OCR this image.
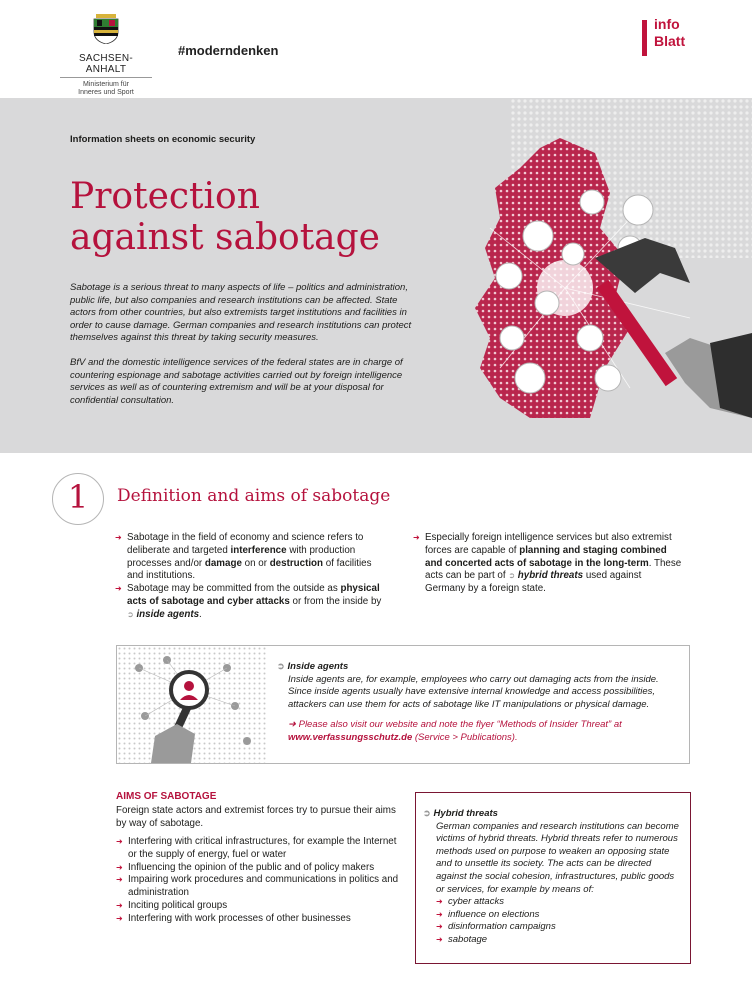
SACHSEN-ANHALT
Ministerium für
Inneres und Sport
#moderndenken
info
Blatt
Information sheets on economic security
Protection
against sabotage

Sabotage is a serious threat to many aspects of life – politics and administration, public life, but also companies and research institutions can be affected. State actors from other countries, but also extremists target institutions and facilities in order to cause damage. German companies and research institutions can protect themselves against this threat by taking security measures.

BfV and the domestic intelligence services of the federal states are in charge of countering espionage and sabotage activities carried out by foreign intelligence services as well as of countering extremism and will be at your disposal for confidential consultation.

1	Definition and aims of sabotage
➜ Sabotage in the field of economy and science refers to deliberate and targeted interference with production processes and/or damage on or destruction of facilities and institutions.
➜ Sabotage may be committed from the outside as physical acts of sabotage and cyber attacks or from the inside by ➲ inside agents.
➜ Especially foreign intelligence services but also extremist forces are capable of planning and staging combined and concerted acts of sabotage in the long-term. These acts can be part of ➲ hybrid threats used against Germany by a foreign state.
➲ Inside agents
Inside agents are, for example, employees who carry out damaging acts from the inside. Since inside agents usually have extensive internal knowledge and access possibilities, attackers can use them for acts of sabotage like IT manipulations or physical damage.
➜ Please also visit our website and note the flyer “Methods of Insider Threat” at www.verfassungsschutz.de (Service > Publications).
AIMS OF SABOTAGE
Foreign state actors and extremist forces try to pursue their aims by way of sabotage.
➜ Interfering with critical infrastructures, for example the Internet or the supply of energy, fuel or water
➜ Influencing the opinion of the public and of policy makers
➜ Impairing work procedures and communications in politics and administration
➜ Inciting political groups
➜ Interfering with work processes of other businesses
➲ Hybrid threats
German companies and research institutions can become victims of hybrid threats. Hybrid threats refer to numerous methods used on purpose to weaken an opposing state and to unsettle its society. The acts can be directed against the social cohesion, infrastructures, public goods or services, for example by means of:
➜ cyber attacks
➜ influence on elections
➜ disinformation campaigns
➜ sabotage
